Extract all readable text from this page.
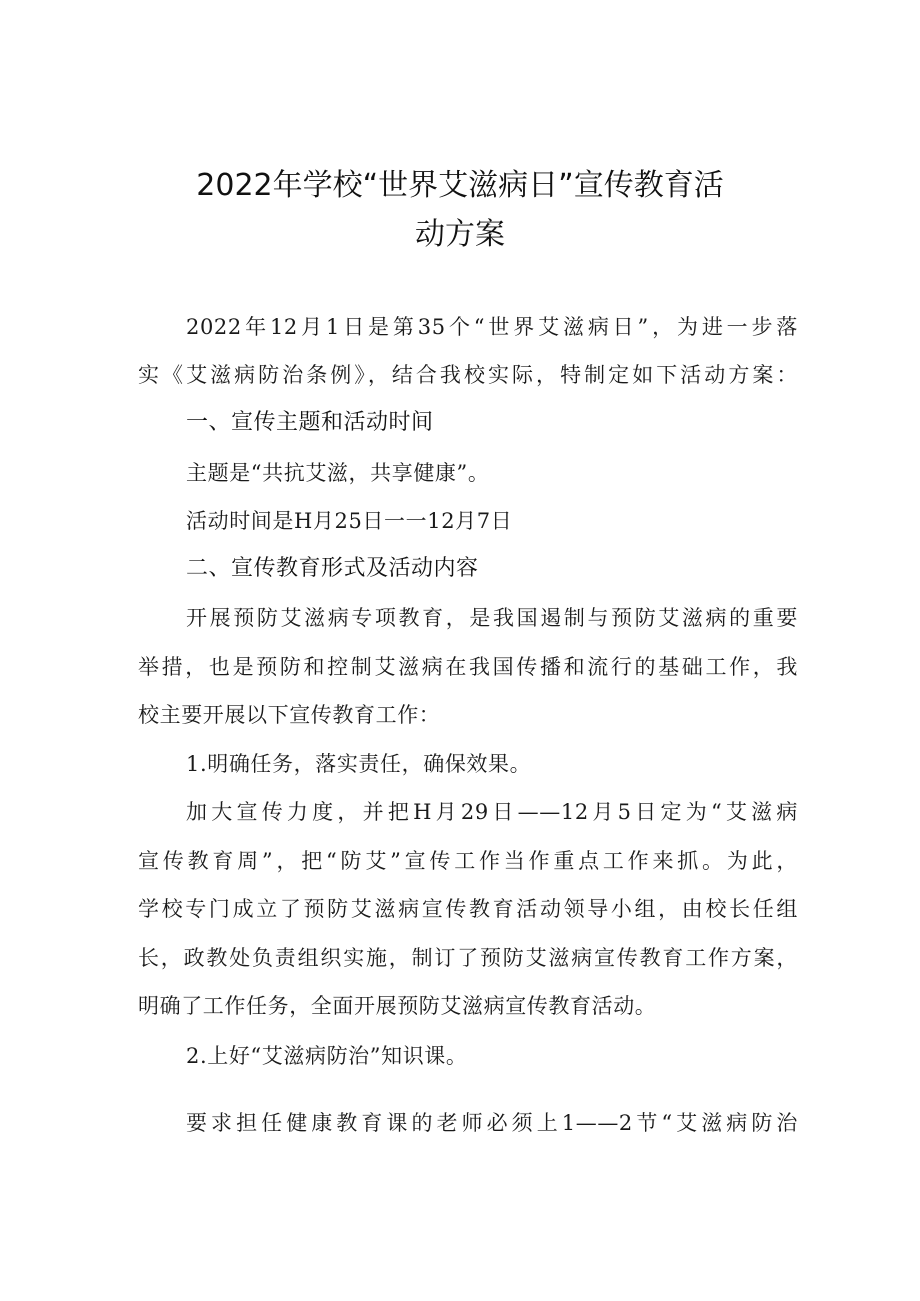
2022年学校“世界艾滋病日”宣传教育活
动方案
2022年12月1日是第35个“世界艾滋病日”，为进一步落
实《艾滋病防治条例》，结合我校实际，特制定如下活动方案：
一、宣传主题和活动时间
主题是“共抗艾滋，共享健康”。
活动时间是H月25日一一12月7日
二、宣传教育形式及活动内容
开展预防艾滋病专项教育，是我国遏制与预防艾滋病的重要
举措，也是预防和控制艾滋病在我国传播和流行的基础工作，我
校主要开展以下宣传教育工作：
1.明确任务，落实责任，确保效果。
加大宣传力度，并把H月29日——12月5日定为“艾滋病
宣传教育周”，把“防艾”宣传工作当作重点工作来抓。为此，
学校专门成立了预防艾滋病宣传教育活动领导小组，由校长任组
长，政教处负责组织实施，制订了预防艾滋病宣传教育工作方案，
明确了工作任务，全面开展预防艾滋病宣传教育活动。
2.上好“艾滋病防治”知识课。
要求担任健康教育课的老师必须上1——2节“艾滋病防治
